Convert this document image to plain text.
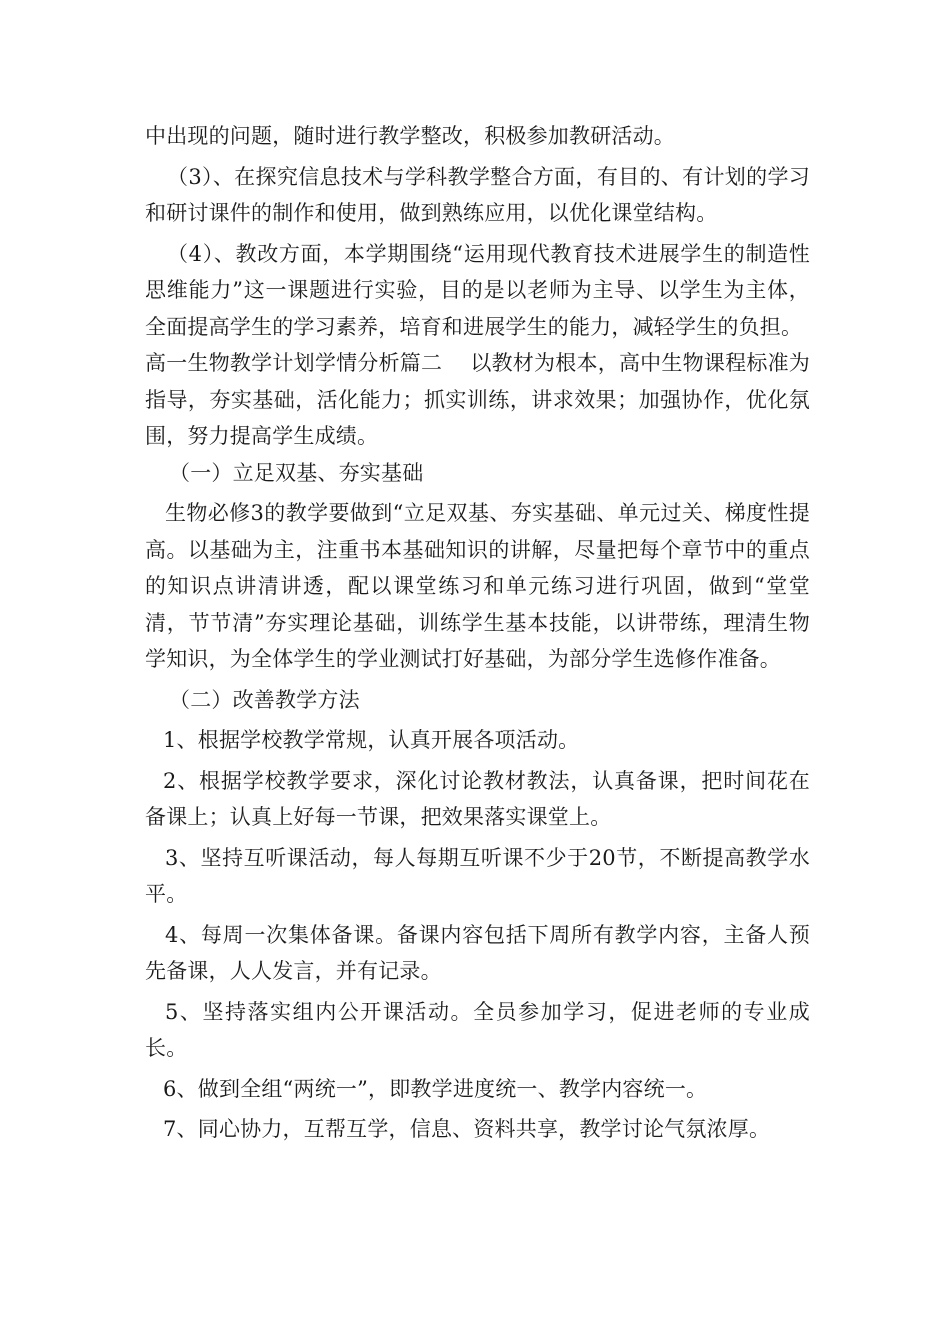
中出现的问题，随时进行教学整改，积极参加教研活动。

（3）、在探究信息技术与学科教学整合方面，有目的、有计划的学习和研讨课件的制作和使用，做到熟练应用，以优化课堂结构。

（4）、教改方面，本学期围绕“运用现代教育技术进展学生的制造性思维能力”这一课题进行实验，目的是以老师为主导、以学生为主体，全面提高学生的学习素养，培育和进展学生的能力，减轻学生的负担。

高一生物教学计划学情分析篇二　 以教材为根本，高中生物课程标准为指导，夯实基础，活化能力；抓实训练，讲求效果；加强协作，优化氛围，努力提高学生成绩。

（一）立足双基、夯实基础

生物必修3的教学要做到“立足双基、夯实基础、单元过关、梯度性提高。以基础为主，注重书本基础知识的讲解，尽量把每个章节中的重点的知识点讲清讲透，配以课堂练习和单元练习进行巩固，做到“堂堂清，节节清”夯实理论基础，训练学生基本技能，以讲带练，理清生物学知识，为全体学生的学业测试打好基础，为部分学生选修作准备。

（二）改善教学方法

1、根据学校教学常规，认真开展各项活动。

2、根据学校教学要求，深化讨论教材教法，认真备课，把时间花在备课上；认真上好每一节课，把效果落实课堂上。

3、坚持互听课活动，每人每期互听课不少于20节，不断提高教学水平。

4、每周一次集体备课。备课内容包括下周所有教学内容，主备人预先备课，人人发言，并有记录。

5、坚持落实组内公开课活动。全员参加学习，促进老师的专业成长。

6、做到全组“两统一”，即教学进度统一、教学内容统一。

7、同心协力，互帮互学，信息、资料共享，教学讨论气氛浓厚。
